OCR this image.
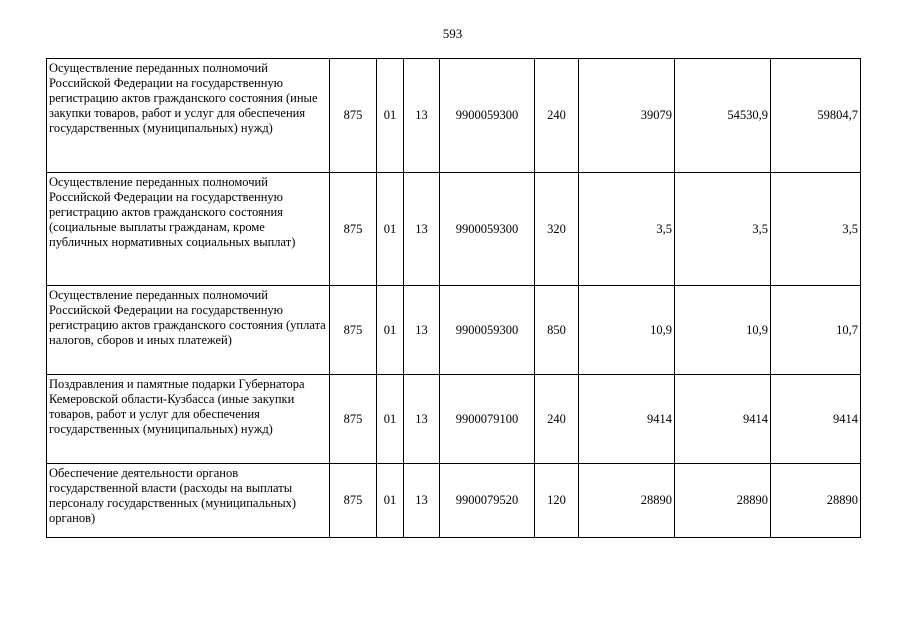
593
Осуществление переданных полномочий Российской Федерации на государственную регистрацию актов гражданского состояния (иные закупки товаров, работ и услуг для обеспечения государственных (муниципальных) нужд)	875	01	13	9900059300	240	39079	54530,9	59804,7
Осуществление переданных полномочий Российской Федерации на государственную регистрацию актов гражданского состояния (социальные выплаты гражданам, кроме публичных нормативных социальных выплат)	875	01	13	9900059300	320	3,5	3,5	3,5
Осуществление переданных полномочий Российской Федерации на государственную регистрацию актов гражданского состояния (уплата налогов, сборов и иных платежей)	875	01	13	9900059300	850	10,9	10,9	10,7
Поздравления и памятные подарки Губернатора Кемеровской области-Кузбасса (иные закупки товаров, работ и услуг для обеспечения государственных (муниципальных) нужд)	875	01	13	9900079100	240	9414	9414	9414
Обеспечение деятельности органов государственной власти (расходы на выплаты персоналу государственных (муниципальных) органов)	875	01	13	9900079520	120	28890	28890	28890
